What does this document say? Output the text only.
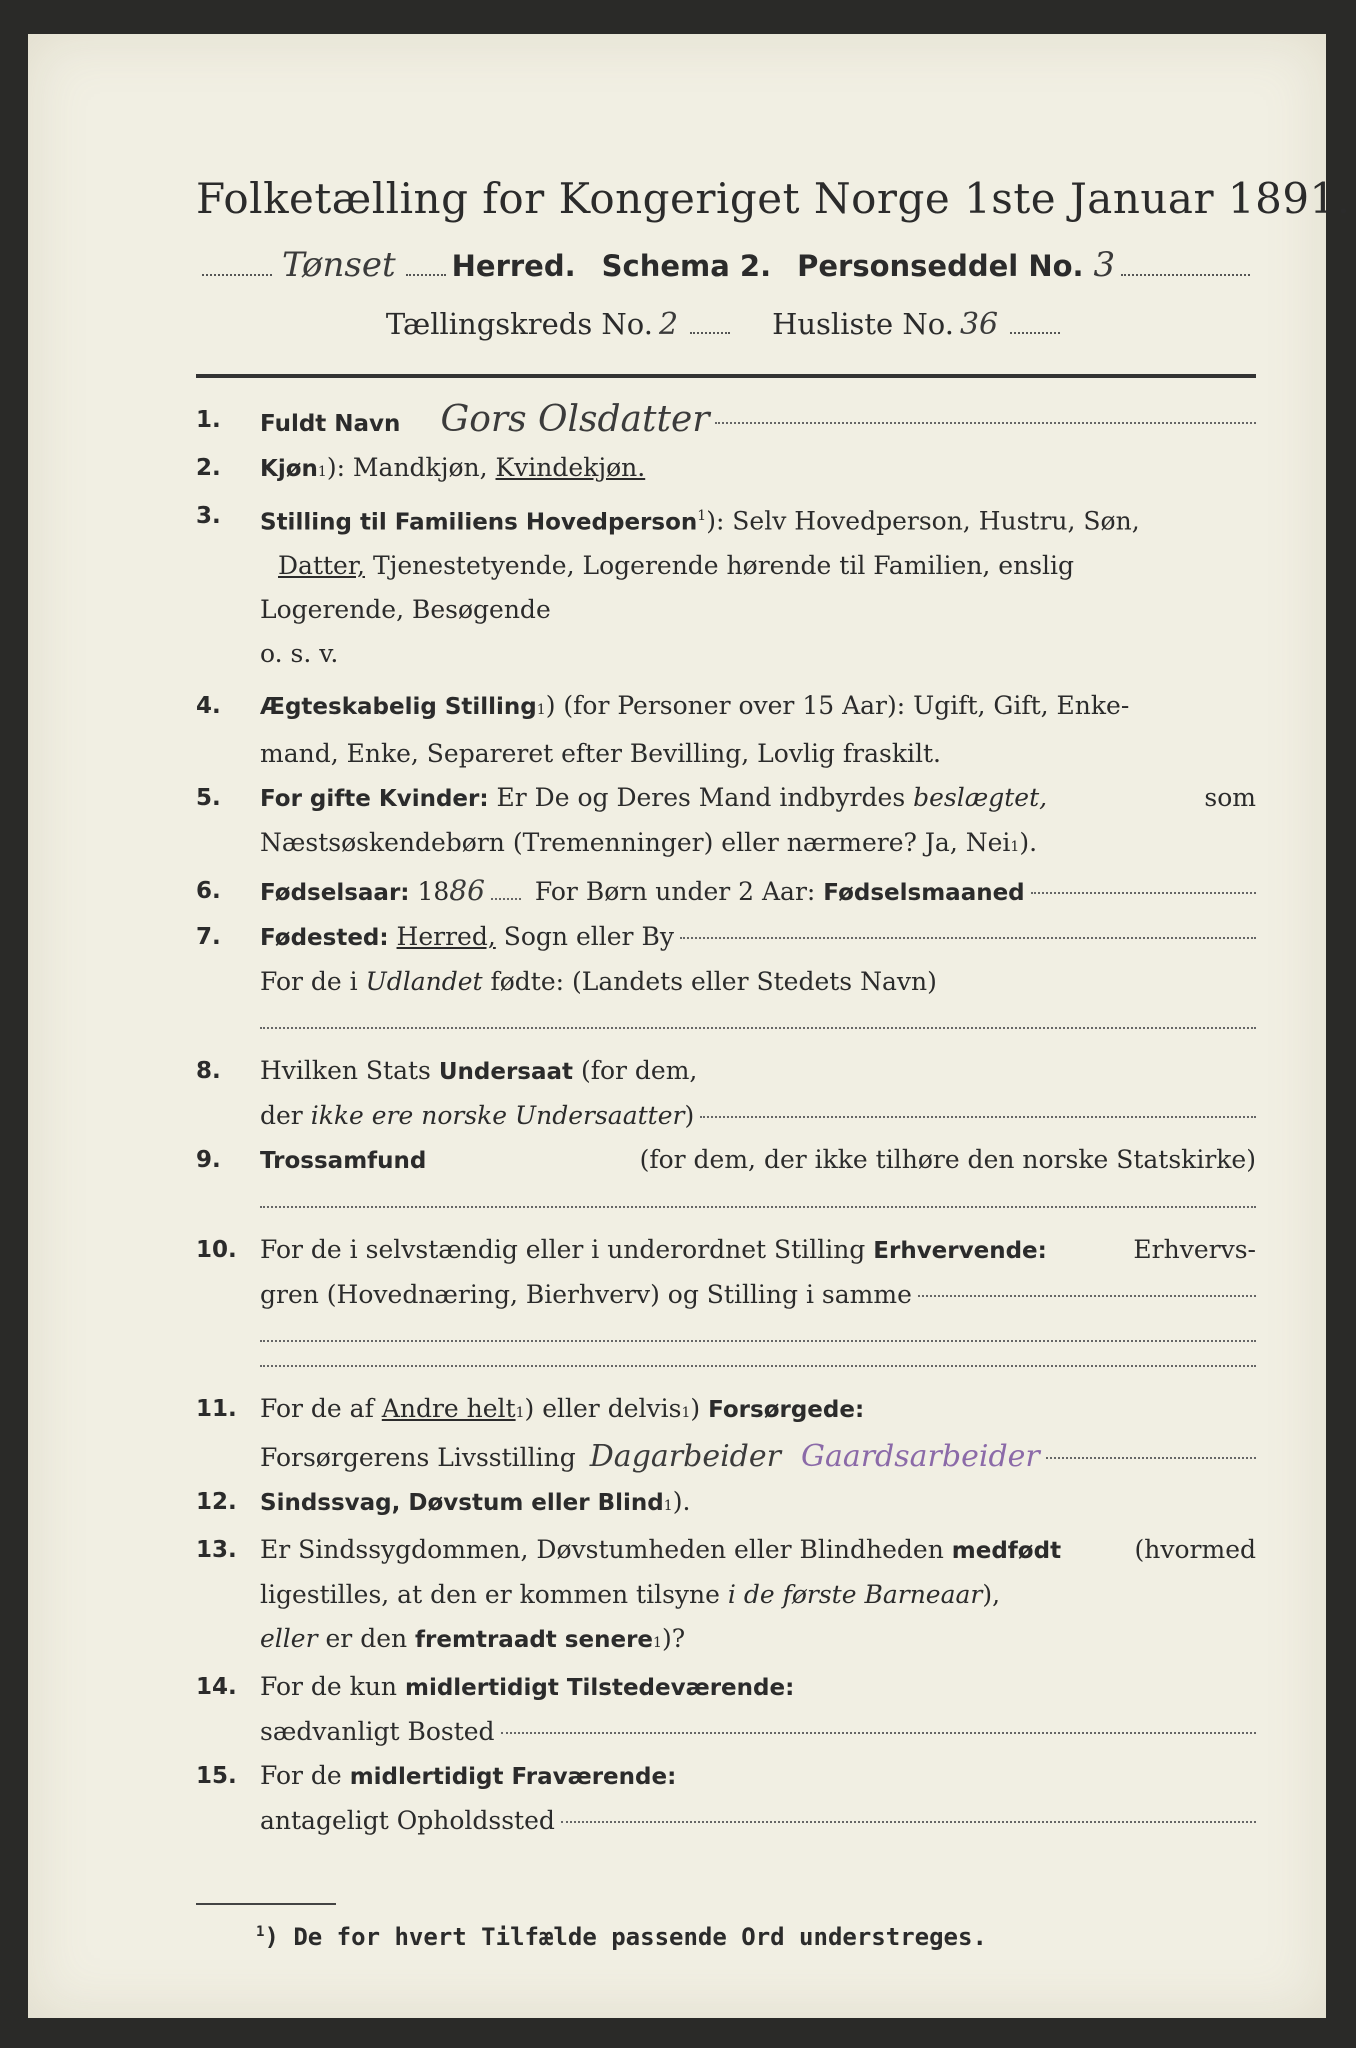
Folketælling for Kongeriget Norge 1ste Januar 1891.
Tønset Herred. Schema 2. Personseddel No. 3
Tællingskreds No. 2	Husliste No. 36
1.	Fuldt Navn Gors Olsdatter
2.	Kjøn 1 ): Mandkjøn,
Kvindekjøn.
3.	Stilling til Familiens Hovedperson$^1$): Selv Hovedperson, Hustru, Søn,
Datter,
Tjenestetyende, Logerende hørende til Familien, enslig
Logerende, Besøgende
o. s. v.
4.	Ægteskabelig Stilling 1 ) (for Personer over 15 Aar): Ugift, Gift, Enke-
mand, Enke, Separeret efter Bevilling, Lovlig fraskilt.
5.	For gifte Kvinder: Er De og Deres Mand indbyrdes beslægtet,	som
Næstsøskendebørn (Tremenninger) eller nærmere? Ja, Nei 1 ).
6.	Fødselsaar:
18 86 For Børn under 2 Aar:
Fødselsmaaned
7.	Fødested:
Herred,
Sogn eller By
For de i
Udlandet
fødte: (Landets eller Stedets Navn)
8.	Hvilken Stats
Undersaat
(for dem,
der
ikke ere norske Undersaatter )
9.	Trossamfund
	(for dem, der ikke tilhøre den norske Statskirke)
10. For de i selvstændig eller i underordnet Stilling Erhvervende:	Erhvervs-
gren (Hovednæring, Bierhverv) og Stilling i samme
11. For de af
Andre helt 1 ) eller delvis 1 )
Forsørgede:
Forsørgerens Livsstilling Dagarbeider Gaardsarbeider
12.	Sindssvag, Døvstum eller Blind 1 ).
13. Er Sindssygdommen, Døvstumheden eller Blindheden medfødt	(hvormed
ligestilles, at den er kommen tilsyne
i de første Barneaar ),
eller
er den
fremtraadt senere 1 )?
14. For de kun
midlertidigt Tilstedeværende:
sædvanligt Bosted
15. For de
midlertidigt Fraværende:
antageligt Opholdssted
$^1$) De for hvert Tilfælde passende Ord understreges.
